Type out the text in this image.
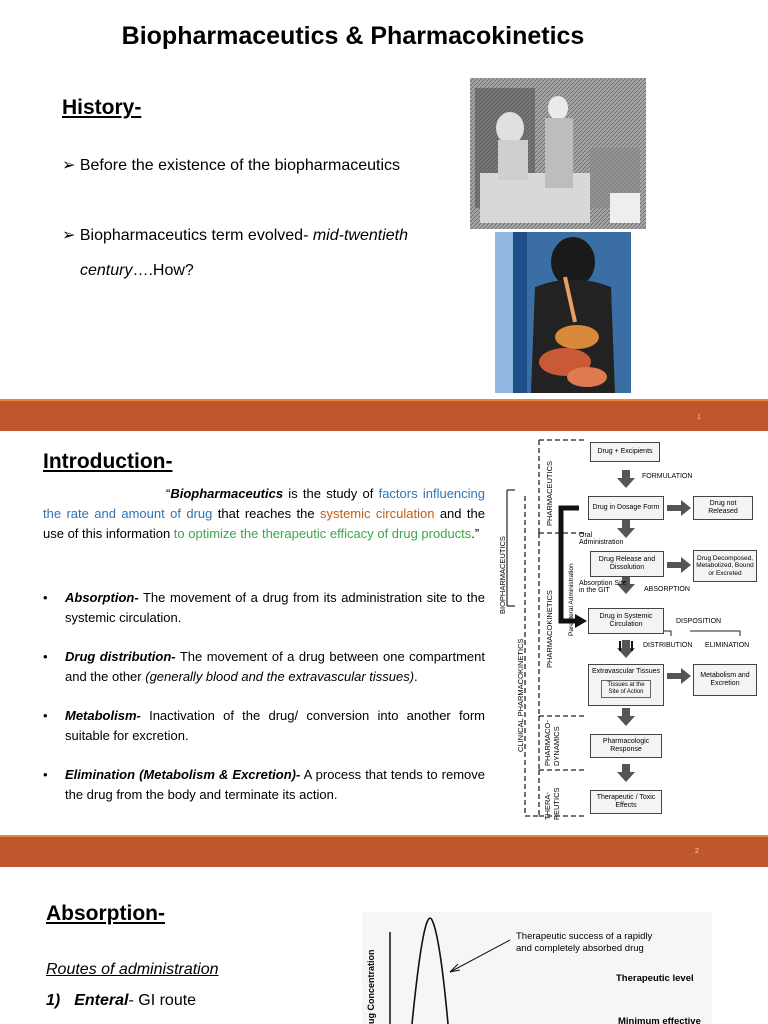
Biopharmaceutics & Pharmacokinetics
History-
➢ Before the existence of the biopharmaceutics
➢ Biopharmaceutics term evolved- mid-twentieth
century….How?
1
Introduction-
“Biopharmaceutics is the study of factors influencing the rate and amount of drug that reaches the systemic circulation and the use of this information to optimize the therapeutic efficacy of drug products.”
• Absorption- The movement of a drug from its administration site to the systemic circulation.
• Drug distribution- The movement of a drug between one compartment and the other (generally blood and the extravascular tissues).
• Metabolism- Inactivation of the drug/ conversion into another form suitable for excretion.
• Elimination (Metabolism & Excretion)- A process that tends to remove the drug from the body and terminate its action.
Drug + Excipients
FORMULATION
Drug in Dosage Form
Drug not Released
Oral Administration
Drug Release and Dissolution
Drug Decomposed, Metabolized, Bound or Excreted
Absorption Site in the GIT	ABSORPTION
Drug in Systemic Circulation	DISPOSITION
DISTRIBUTION ELIMINATION
Extravascular Tissues
Tissues at the Site of Action
Metabolism and Excretion
Pharmacologic Response
Therapeutic / Toxic Effects
PHARMACEUTICS
PHARMACOKINETICS
PHARMACO- DYNAMICS
THERA- PEUTICS
BIOPHARMACEUTICS
CLINICAL PHARMACOKINETICS
Parenteral Administration
2
Absorption-
Routes of administration
1) Enteral- GI route	ug Concentration
Therapeutic success of a rapidly and completely absorbed drug
Therapeutic level
Minimum effective
